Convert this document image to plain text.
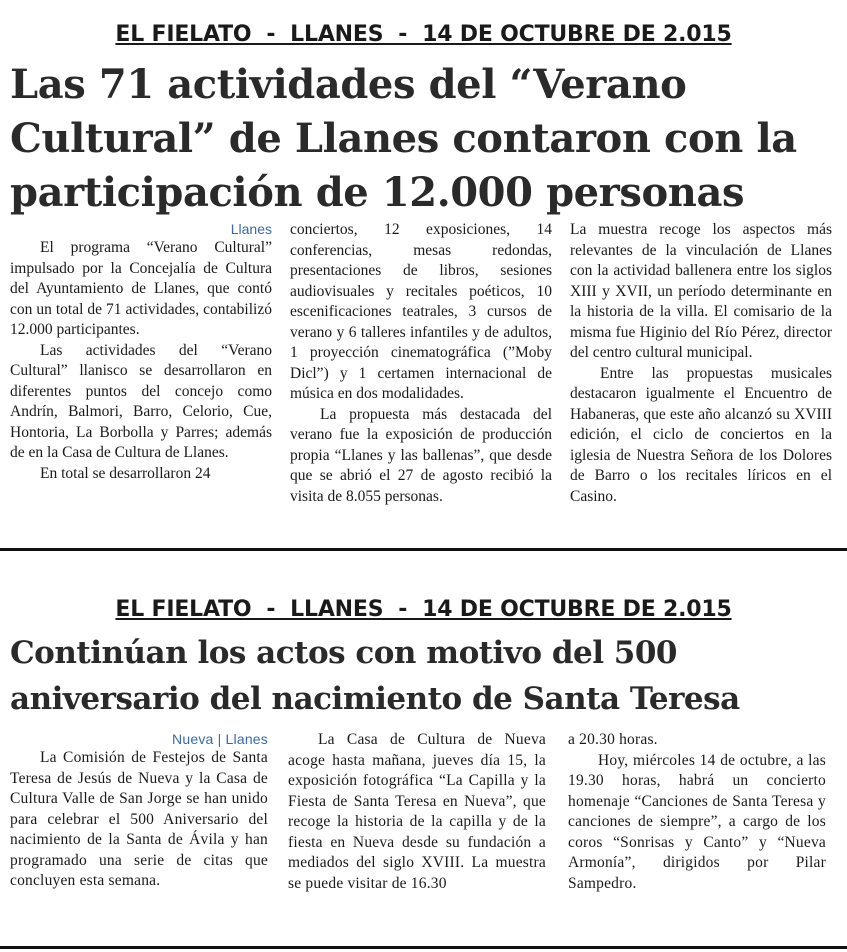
EL FIELATO  -  LLANES  -  14 DE OCTUBRE DE 2.015
Las 71 actividades del “Verano Cultural” de Llanes contaron con la participación de 12.000 personas

Llanes

El programa “Verano Cultural” impulsado por la Concejalía de Cultura del Ayuntamiento de Llanes, que contó con un total de 71 actividades, contabilizó 12.000 participantes.

Las actividades del “Verano Cultural” llanisco se desarrollaron en diferentes puntos del concejo como Andrín, Balmori, Barro, Celorio, Cue, Hontoria, La Borbolla y Parres; además de en la Casa de Cultura de Llanes.

En total se desarrollaron 24

conciertos, 12 exposiciones, 14 conferencias, mesas redondas, presentaciones de libros, sesiones audiovisuales y recitales poéticos, 10 escenificaciones teatrales, 3 cursos de verano y 6 talleres infantiles y de adultos, 1 proyección cinematográfica (”Moby Dicl”) y 1 certamen internacional de música en dos modalidades.

La propuesta más destacada del verano fue la exposición de producción propia “Llanes y las ballenas”, que desde que se abrió el 27 de agosto recibió la visita de 8.055 personas.

La muestra recoge los aspectos más relevantes de la vinculación de Llanes con la actividad ballenera entre los siglos XIII y XVII, un período determinante en la historia de la villa. El comisario de la misma fue Higinio del Río Pérez, director del centro cultural municipal.

Entre las propuestas musicales destacaron igualmente el Encuentro de Habaneras, que este año alcanzó su XVIII edición, el ciclo de conciertos en la iglesia de Nuestra Señora de los Dolores de Barro o los recitales líricos en el Casino.

EL FIELATO  -  LLANES  -  14 DE OCTUBRE DE 2.015
Continúan los actos con motivo del 500 aniversario del nacimiento de Santa Teresa

Nueva | Llanes

La Comisión de Festejos de Santa Teresa de Jesús de Nueva y la Casa de Cultura Valle de San Jorge se han unido para celebrar el 500 Aniversario del nacimiento de la Santa de Ávila y han programado una serie de citas que concluyen esta semana.

La Casa de Cultura de Nueva acoge hasta mañana, jueves día 15, la exposición fotográfica “La Capilla y la Fiesta de Santa Teresa en Nueva”, que recoge la historia de la capilla y de la fiesta en Nueva desde su fundación a mediados del siglo XVIII. La muestra se puede visitar de 16.30

a 20.30 horas.

Hoy, miércoles 14 de octubre, a las 19.30 horas, habrá un concierto homenaje “Canciones de Santa Teresa y canciones de siempre”, a cargo de los coros “Sonrisas y Canto” y “Nueva Armonía”, dirigidos por Pilar Sampedro.
